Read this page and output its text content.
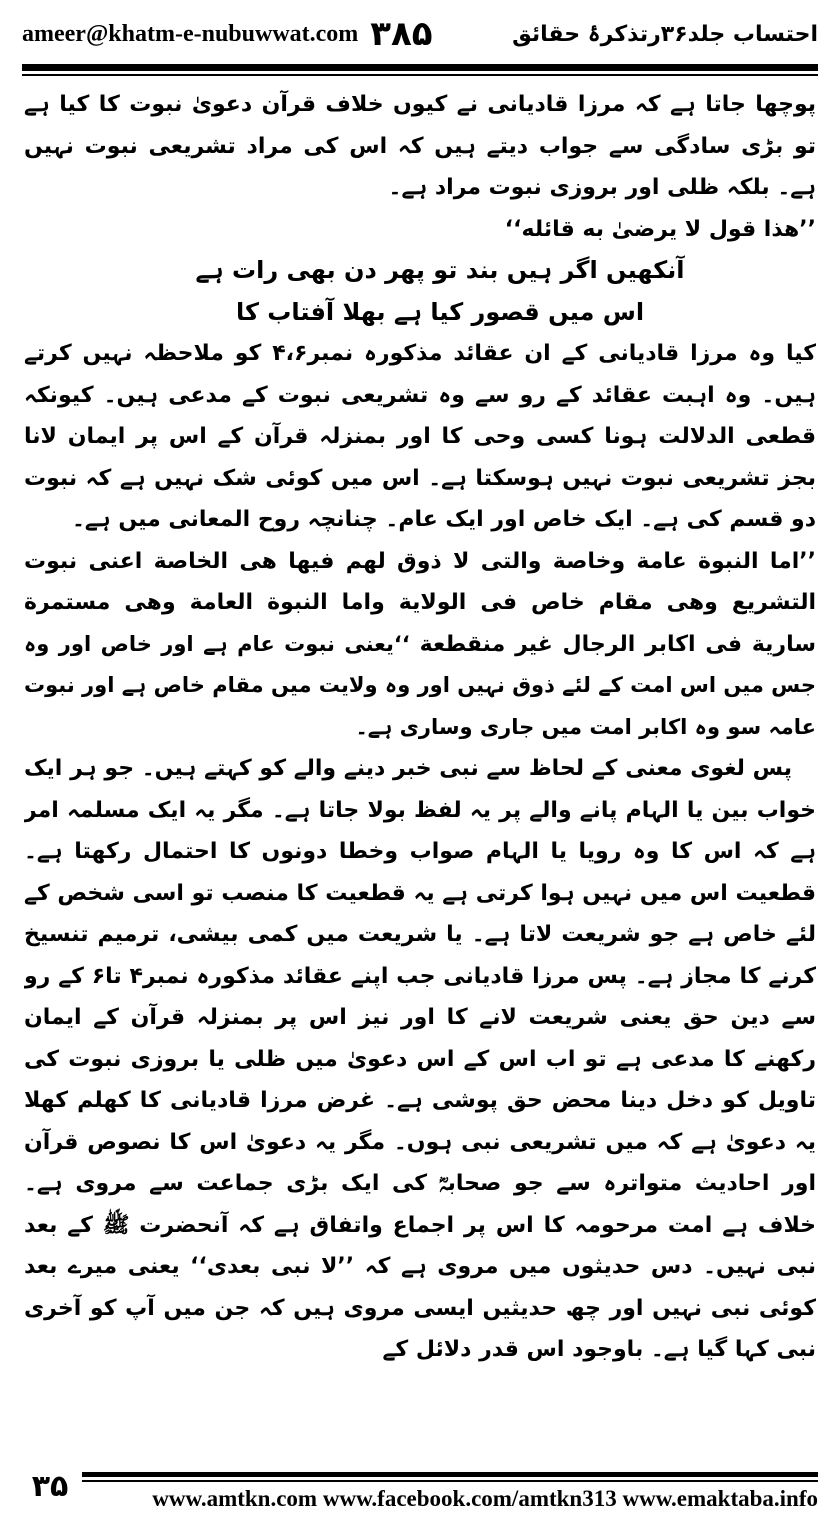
ameer@khatm-e-nubuwwat.com ۳۸۵	احتساب جلد۳۶رتذکرۂ حقائق

پوچھا جاتا ہے کہ مرزا قادیانی نے کیوں خلاف قرآن دعویٰ نبوت کا کیا ہے تو بڑی سادگی سے جواب دیتے ہیں کہ اس کی مراد تشریعی نبوت نہیں ہے۔ بلکہ ظلی اور بروزی نبوت مراد ہے۔

’’هذا قول لا يرضیٰ به قائله‘‘

آنکھیں اگر ہیں بند تو پھر دن بھی رات ہے

اس میں قصور کیا ہے بھلا آفتاب کا

کیا وہ مرزا قادیانی کے ان عقائد مذکورہ نمبر۴،۶ کو ملاحظہ نہیں کرتے ہیں۔ وہ اہبت عقائد کے رو سے وہ تشریعی نبوت کے مدعی ہیں۔ کیونکہ قطعی الدلالت ہونا کسی وحی کا اور بمنزلہ قرآن کے اس پر ایمان لانا بجز تشریعی نبوت نہیں ہوسکتا ہے۔ اس میں کوئی شک نہیں ہے کہ نبوت دو قسم کی ہے۔ ایک خاص اور ایک عام۔ چنانچہ روح المعانی میں ہے۔

’’اما النبوة عامة وخاصة والتی لا ذوق لهم فيها هی الخاصة اعنی نبوت التشريع وهی مقام خاص فی الولاية واما النبوة العامة وهی مستمرة سارية فی اکابر الرجال غير منقطعة ‘‘یعنی نبوت عام ہے اور خاص اور وہ جس میں اس امت کے لئے ذوق نہیں اور وہ ولایت میں مقام خاص ہے اور نبوت عامہ سو وہ اکابر امت میں جاری وساری ہے۔

پس لغوی معنی کے لحاظ سے نبی خبر دینے والے کو کہتے ہیں۔ جو ہر ایک خواب بین یا الہام پانے والے پر یہ لفظ بولا جاتا ہے۔ مگر یہ ایک مسلمہ امر ہے کہ اس کا وہ رویا یا الہام صواب وخطا دونوں کا احتمال رکھتا ہے۔ قطعیت اس میں نہیں ہوا کرتی ہے یہ قطعیت کا منصب تو اسی شخص کے لئے خاص ہے جو شریعت لاتا ہے۔ یا شریعت میں کمی بیشی، ترمیم تنسیخ کرنے کا مجاز ہے۔ پس مرزا قادیانی جب اپنے عقائد مذکورہ نمبر۴ تا۶ کے رو سے دین حق یعنی شریعت لانے کا اور نیز اس پر بمنزلہ قرآن کے ایمان رکھنے کا مدعی ہے تو اب اس کے اس دعویٰ میں ظلی یا بروزی نبوت کی تاویل کو دخل دینا محض حق پوشی ہے۔ غرض مرزا قادیانی کا کھلم کھلا یہ دعویٰ ہے کہ میں تشریعی نبی ہوں۔ مگر یہ دعویٰ اس کا نصوص قرآن اور احادیث متواترہ سے جو صحابہؓ کی ایک بڑی جماعت سے مروی ہے۔ خلاف ہے امت مرحومہ کا اس پر اجماع واتفاق ہے کہ آنحضرت ﷺ کے بعد نبی نہیں۔ دس حدیثوں میں مروی ہے کہ ’’لا نبی بعدی‘‘ یعنی میرے بعد کوئی نبی نہیں اور چھ حدیثیں ایسی مروی ہیں کہ جن میں آپ کو آخری نبی کہا گیا ہے۔ باوجود اس قدر دلائل کے

۳۵	www.amtkn.com www.facebook.com/amtkn313 www.emaktaba.info
